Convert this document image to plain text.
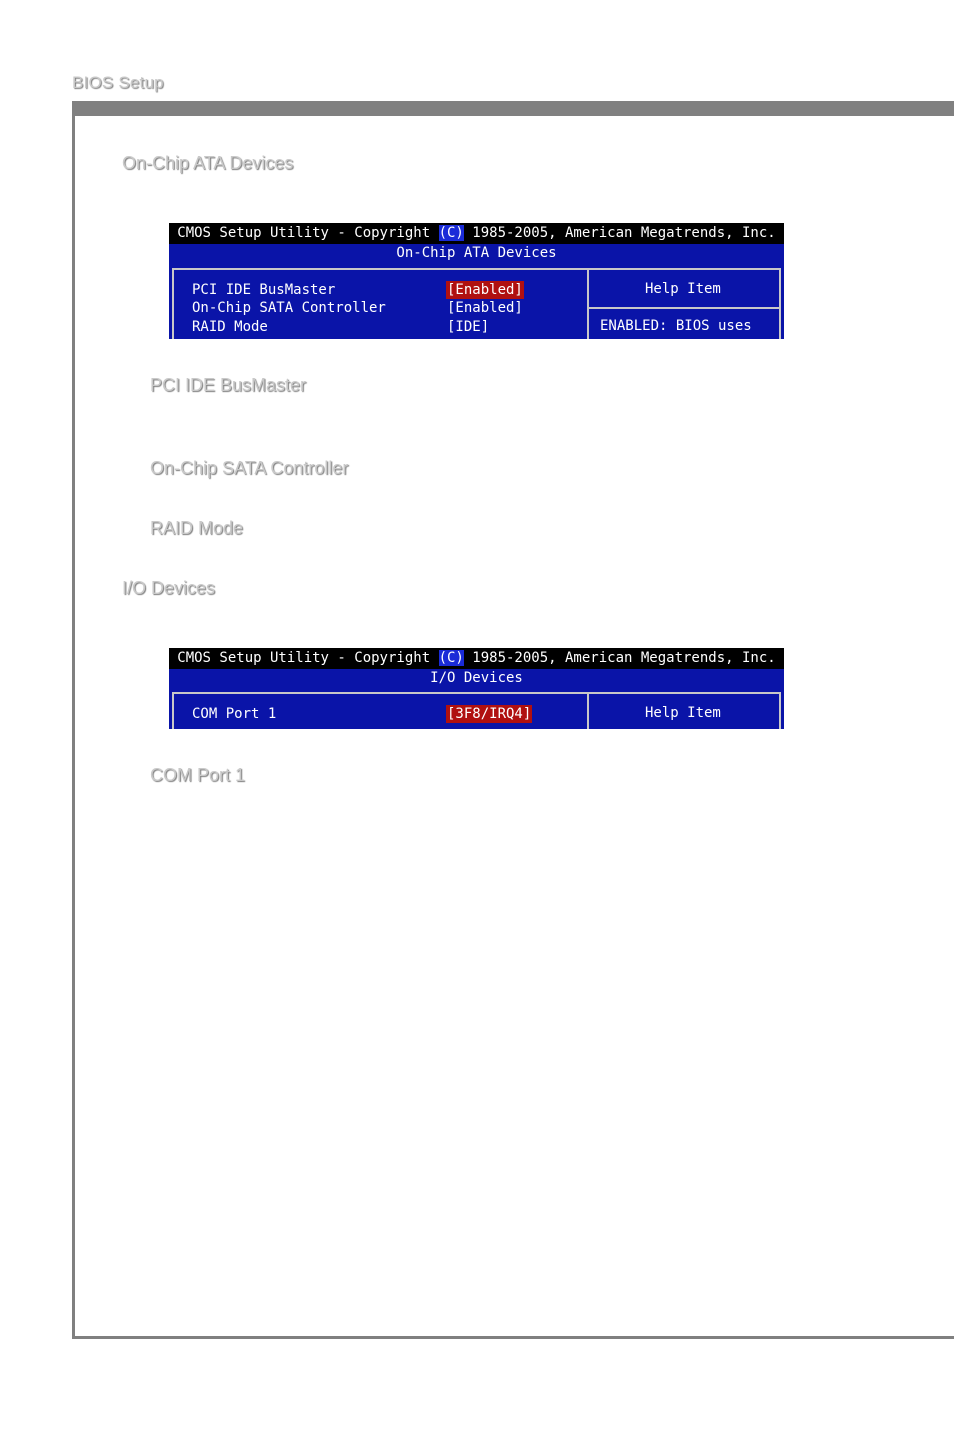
BIOS Setup
On-Chip ATA Devices
CMOS Setup Utility - Copyright (C) 1985-2005, American Megatrends, Inc.
On-Chip ATA Devices
PCI IDE BusMaster	[Enabled]
On-Chip SATA Controller	[Enabled]
RAID Mode	[IDE]
Help Item
ENABLED: BIOS uses
PCI IDE BusMaster
On-Chip SATA Controller
RAID Mode
I/O Devices
CMOS Setup Utility - Copyright (C) 1985-2005, American Megatrends, Inc.
I/O Devices
COM Port 1	[3F8/IRQ4]	Help Item
COM Port 1
